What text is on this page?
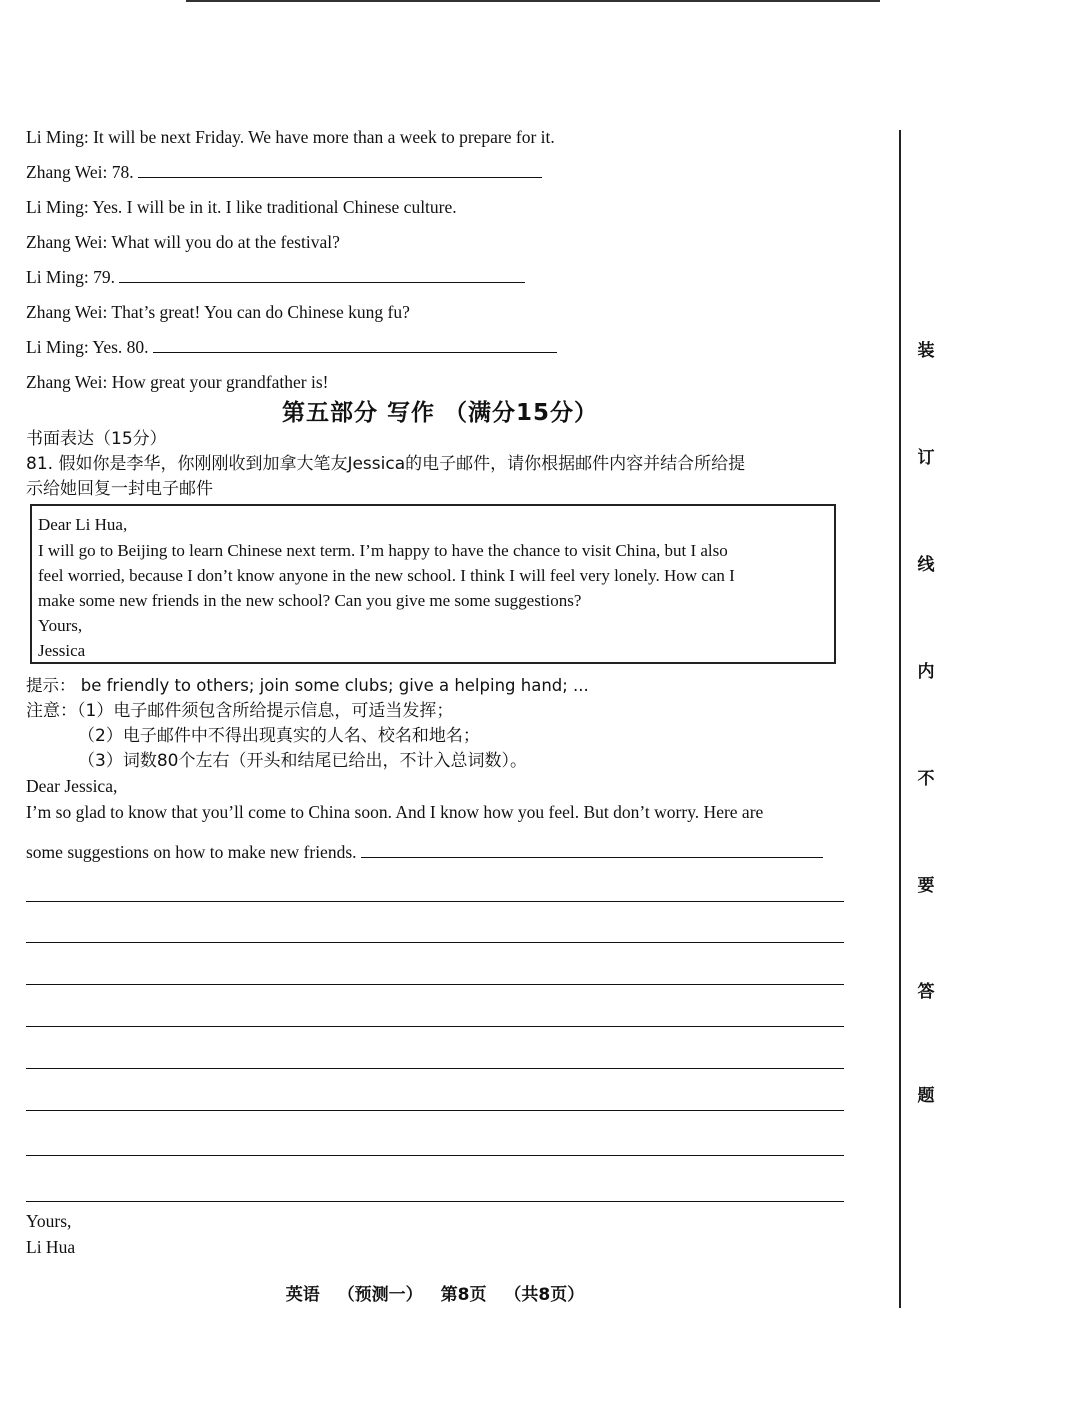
Li Ming: It will be next Friday. We have more than a week to prepare for it.
Zhang Wei: 78.
Li Ming: Yes. I will be in it. I like traditional Chinese culture.
Zhang Wei: What will you do at the festival?
Li Ming: 79.
Zhang Wei: That’s great! You can do Chinese kung fu?
Li Ming: Yes. 80.
Zhang Wei: How great your grandfather is!
第五部分 写作 （满分15分）
书面表达（15分）
81. 假如你是李华，你刚刚收到加拿大笔友Jessica的电子邮件，请你根据邮件内容并结合所给提
示给她回复一封电子邮件
Dear Li Hua,
I will go to Beijing to learn Chinese next term. I’m happy to have the chance to visit China, but I also
feel worried, because I don’t know anyone in the new school. I think I will feel very lonely. How can I
make some new friends in the new school? Can you give me some suggestions?
Yours,
Jessica
提示： be friendly to others; join some clubs; give a helping hand; ...
注意：（1）电子邮件须包含所给提示信息，可适当发挥；
（2）电子邮件中不得出现真实的人名、校名和地名；
（3）词数80个左右（开头和结尾已给出，不计入总词数）。
Dear Jessica,
I’m so glad to know that you’ll come to China soon. And I know how you feel. But don’t worry. Here are
some suggestions on how to make new friends.
Yours,
Li Hua
装
订
线
内
不
要
答
题
英语 （预测一） 第8页 （共8页）
